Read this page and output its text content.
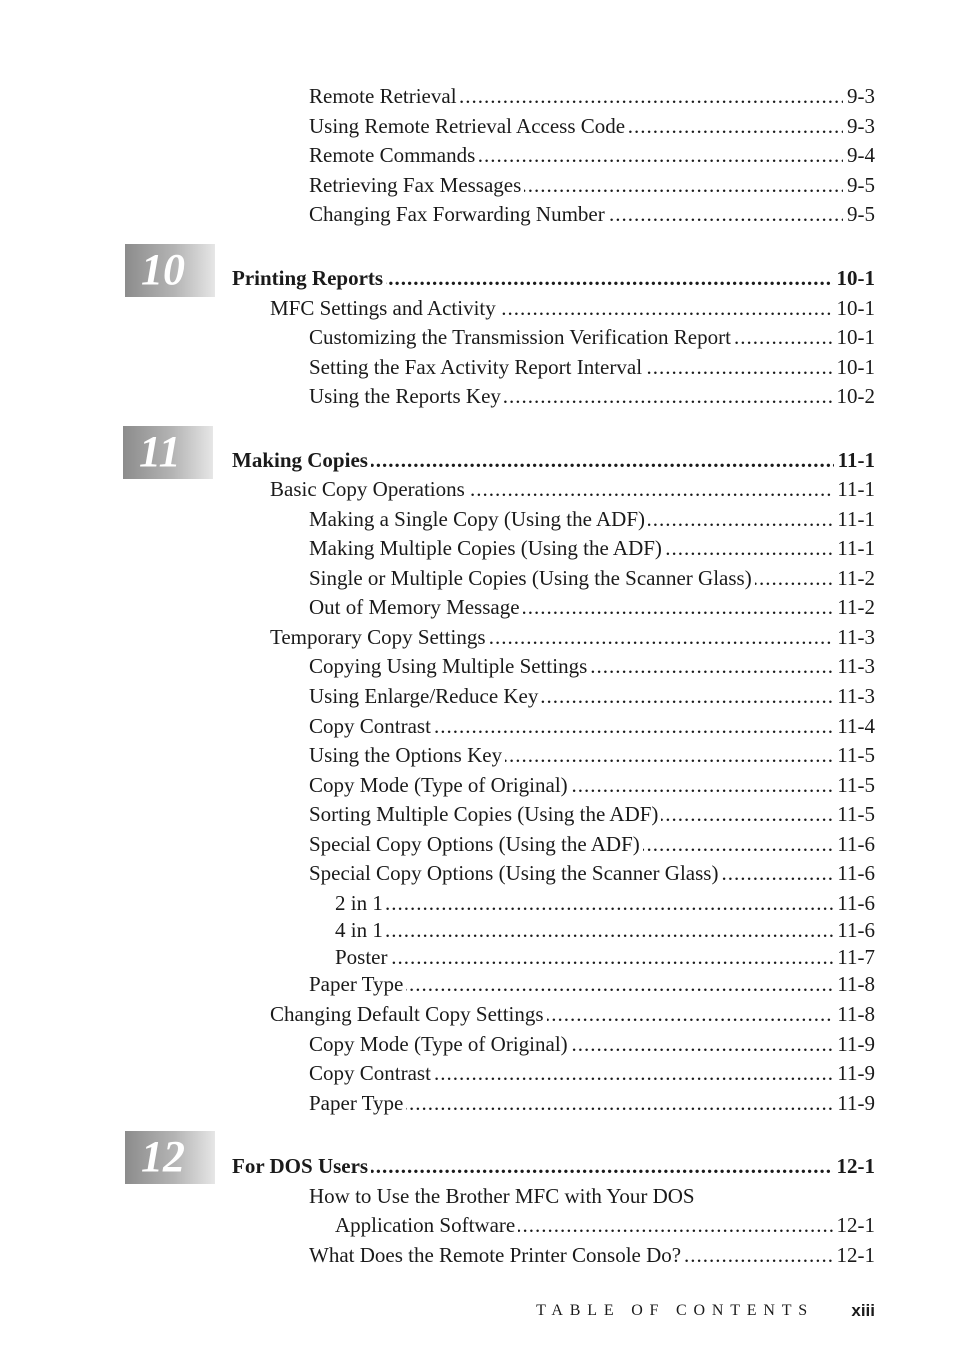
10
11
12
.....
Remote Retrieval	9-3
.....
Using Remote Retrieval Access Code	9-3
.....
Remote Commands	9-4
.....
Retrieving Fax Messages	9-5
.....
Changing Fax Forwarding Number	9-5
.....
Printing Reports	10-1
.....
MFC Settings and Activity	10-1
.....
Customizing the Transmission Verification Report	10-1
.....
Setting the Fax Activity Report Interval	10-1
.....
Using the Reports Key	10-2
.....
Making Copies	11-1
.....
Basic Copy Operations	11-1
.....
Making a Single Copy (Using the ADF)	11-1
.....
Making Multiple Copies (Using the ADF)	11-1
.....
Single or Multiple Copies (Using the Scanner Glass)	11-2
.....
Out of Memory Message	11-2
.....
Temporary Copy Settings	11-3
.....
Copying Using Multiple Settings	11-3
.....
Using Enlarge/Reduce Key	11-3
.....
Copy Contrast	11-4
.....
Using the Options Key	11-5
.....
Copy Mode (Type of Original)	11-5
.....
Sorting Multiple Copies (Using the ADF)	11-5
.....
Special Copy Options (Using the ADF)	11-6
.....
Special Copy Options (Using the Scanner Glass)	11-6
.....
2 in 1	11-6
.....
4 in 1	11-6
.....
Poster	11-7
.....
Paper Type	11-8
.....
Changing Default Copy Settings	11-8
.....
Copy Mode (Type of Original)	11-9
.....
Copy Contrast	11-9
.....
Paper Type	11-9
.....
For DOS Users	12-1
How to Use the Brother MFC with Your DOS
.....
Application Software	12-1
.....
What Does the Remote Printer Console Do?	12-1
TABLE OF CONTENTS xiii
